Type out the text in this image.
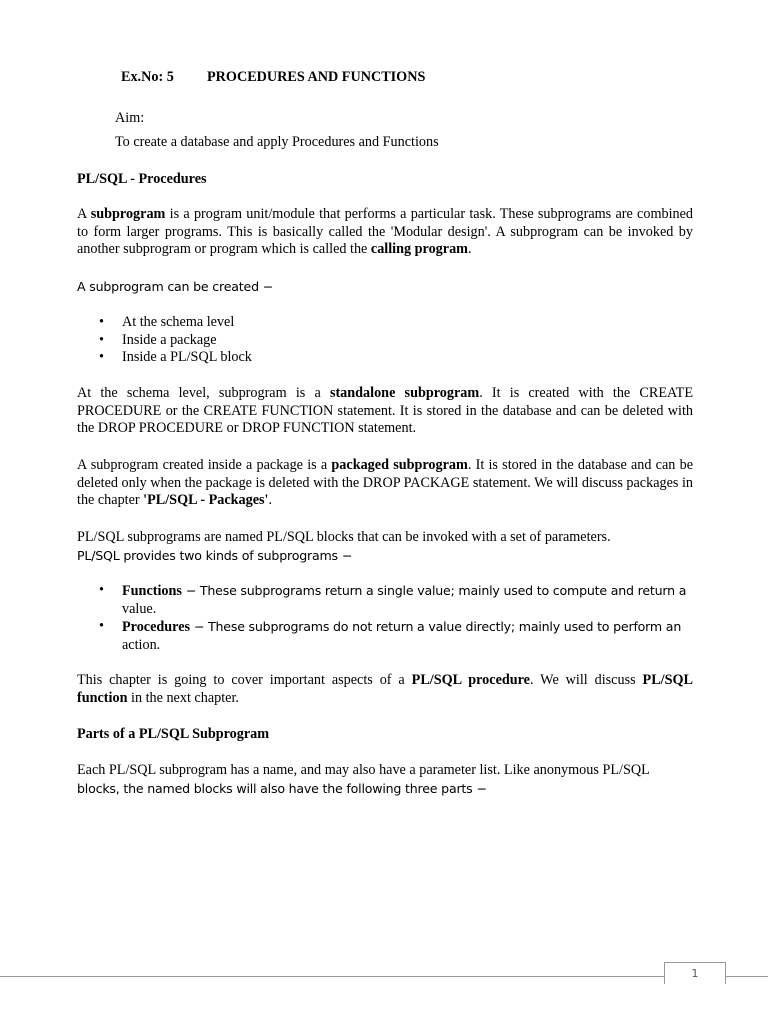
Ex.No: 5 PROCEDURES AND FUNCTIONS
Aim:
To create a database and apply Procedures and Functions

PL/SQL - Procedures

A subprogram is a program unit/module that performs a particular task. These subprograms are combined to form larger programs. This is basically called the 'Modular design'. A subprogram can be invoked by another subprogram or program which is called the calling program.

A subprogram can be created −

• At the schema level
• Inside a package
• Inside a PL/SQL block

At the schema level, subprogram is a standalone subprogram. It is created with the CREATE PROCEDURE or the CREATE FUNCTION statement. It is stored in the database and can be deleted with the DROP PROCEDURE or DROP FUNCTION statement.

A subprogram created inside a package is a packaged subprogram. It is stored in the database and can be deleted only when the package is deleted with the DROP PACKAGE statement. We will discuss packages in the chapter 'PL/SQL - Packages'.

PL/SQL subprograms are named PL/SQL blocks that can be invoked with a set of parameters.

PL/SQL provides two kinds of subprograms −

• Functions − These subprograms return a single value; mainly used to compute and return a
value.
• Procedures − These subprograms do not return a value directly; mainly used to perform an
action.

This chapter is going to cover important aspects of a PL/SQL procedure. We will discuss PL/SQL function in the next chapter.

Parts of a PL/SQL Subprogram

Each PL/SQL subprogram has a name, and may also have a parameter list. Like anonymous PL/SQL

blocks, the named blocks will also have the following three parts −

1
